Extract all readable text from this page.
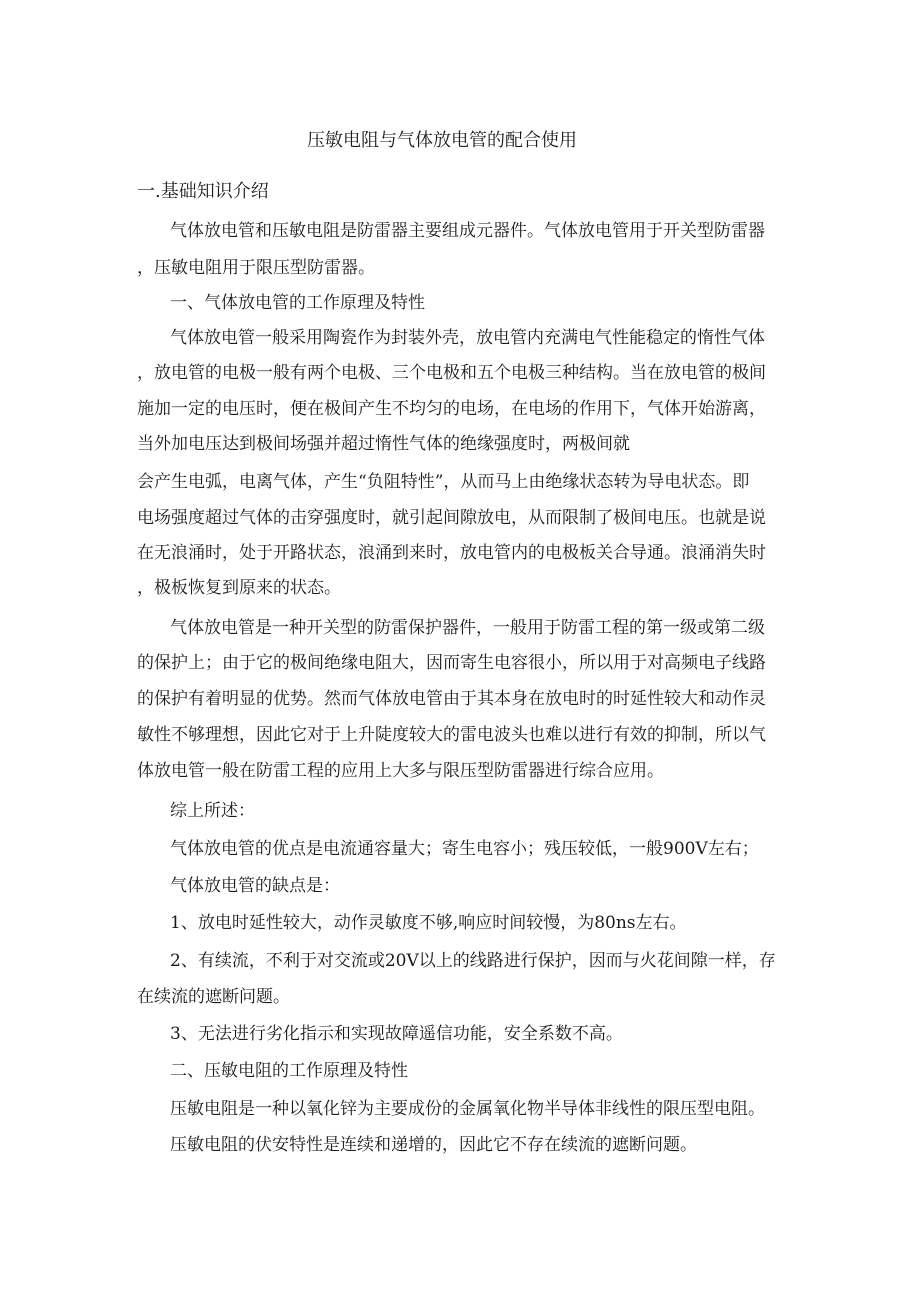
压敏电阻与气体放电管的配合使用
一.基础知识介绍
气体放电管和压敏电阻是防雷器主要组成元器件。气体放电管用于开关型防雷器
，压敏电阻用于限压型防雷器。
一、气体放电管的工作原理及特性
气体放电管一般采用陶瓷作为封装外壳，放电管内充满电气性能稳定的惰性气体
，放电管的电极一般有两个电极、三个电极和五个电极三种结构。当在放电管的极间
施加一定的电压时，便在极间产生不均匀的电场，在电场的作用下，气体开始游离，
当外加电压达到极间场强并超过惰性气体的绝缘强度时，两极间就
会产生电弧，电离气体，产生“负阻特性”，从而马上由绝缘状态转为导电状态。即
电场强度超过气体的击穿强度时，就引起间隙放电，从而限制了极间电压。也就是说
在无浪涌时，处于开路状态，浪涌到来时，放电管内的电极板关合导通。浪涌消失时
，极板恢复到原来的状态。
气体放电管是一种开关型的防雷保护器件，一般用于防雷工程的第一级或第二级
的保护上；由于它的极间绝缘电阻大，因而寄生电容很小，所以用于对高频电子线路
的保护有着明显的优势。然而气体放电管由于其本身在放电时的时延性较大和动作灵
敏性不够理想，因此它对于上升陡度较大的雷电波头也难以进行有效的抑制，所以气
体放电管一般在防雷工程的应用上大多与限压型防雷器进行综合应用。
综上所述：
气体放电管的优点是电流通容量大；寄生电容小；残压较低，一般900V左右；
气体放电管的缺点是：
1、放电时延性较大，动作灵敏度不够,响应时间较慢，为80ns左右。
2、有续流，不利于对交流或20V以上的线路进行保护，因而与火花间隙一样，存
在续流的遮断问题。
3、无法进行劣化指示和实现故障遥信功能，安全系数不高。
二、压敏电阻的工作原理及特性
压敏电阻是一种以氧化锌为主要成份的金属氧化物半导体非线性的限压型电阻。
压敏电阻的伏安特性是连续和递增的，因此它不存在续流的遮断问题。
